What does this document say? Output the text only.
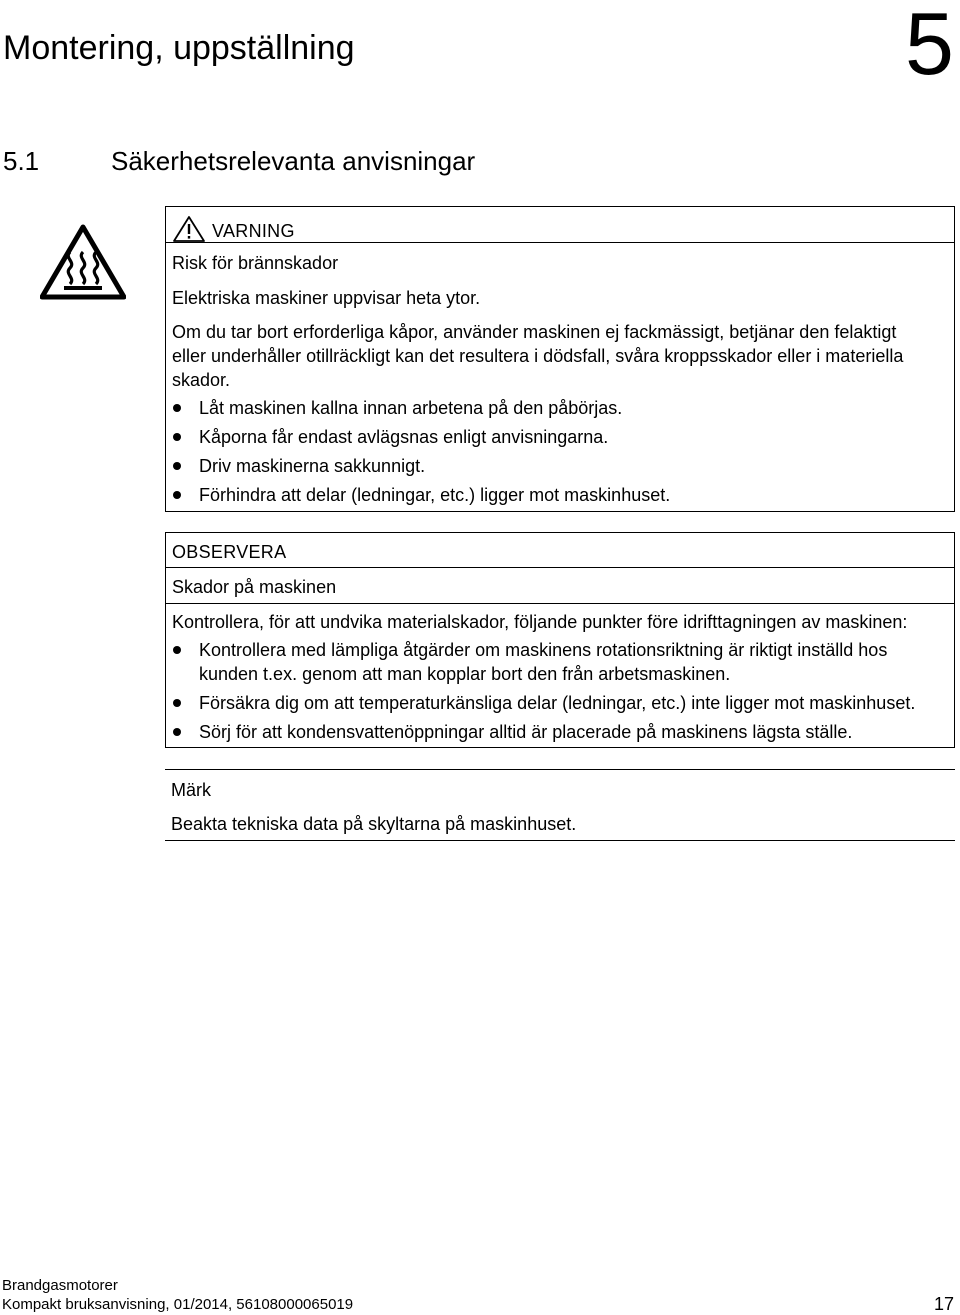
Montering, uppställning	5
5.1	Säkerhetsrelevanta anvisningar
VARNING
Risk för brännskador
Elektriska maskiner uppvisar heta ytor.
Om du tar bort erforderliga kåpor, använder maskinen ej fackmässigt, betjänar den felaktigt
eller underhåller otillräckligt kan det resultera i dödsfall, svåra kroppsskador eller i materiella
skador.
Låt maskinen kallna innan arbetena på den påbörjas.
Kåporna får endast avlägsnas enligt anvisningarna.
Driv maskinerna sakkunnigt.
Förhindra att delar (ledningar, etc.) ligger mot maskinhuset.
OBSERVERA
Skador på maskinen
Kontrollera, för att undvika materialskador, följande punkter före idrifttagningen av maskinen:
Kontrollera med lämpliga åtgärder om maskinens rotationsriktning är riktigt inställd hos
kunden t.ex. genom att man kopplar bort den från arbetsmaskinen.
Försäkra dig om att temperaturkänsliga delar (ledningar, etc.) inte ligger mot maskinhuset.
Sörj för att kondensvattenöppningar alltid är placerade på maskinens lägsta ställe.
Märk
Beakta tekniska data på skyltarna på maskinhuset.
Brandgasmotorer
Kompakt bruksanvisning, 01/2014, 56108000065019	17
